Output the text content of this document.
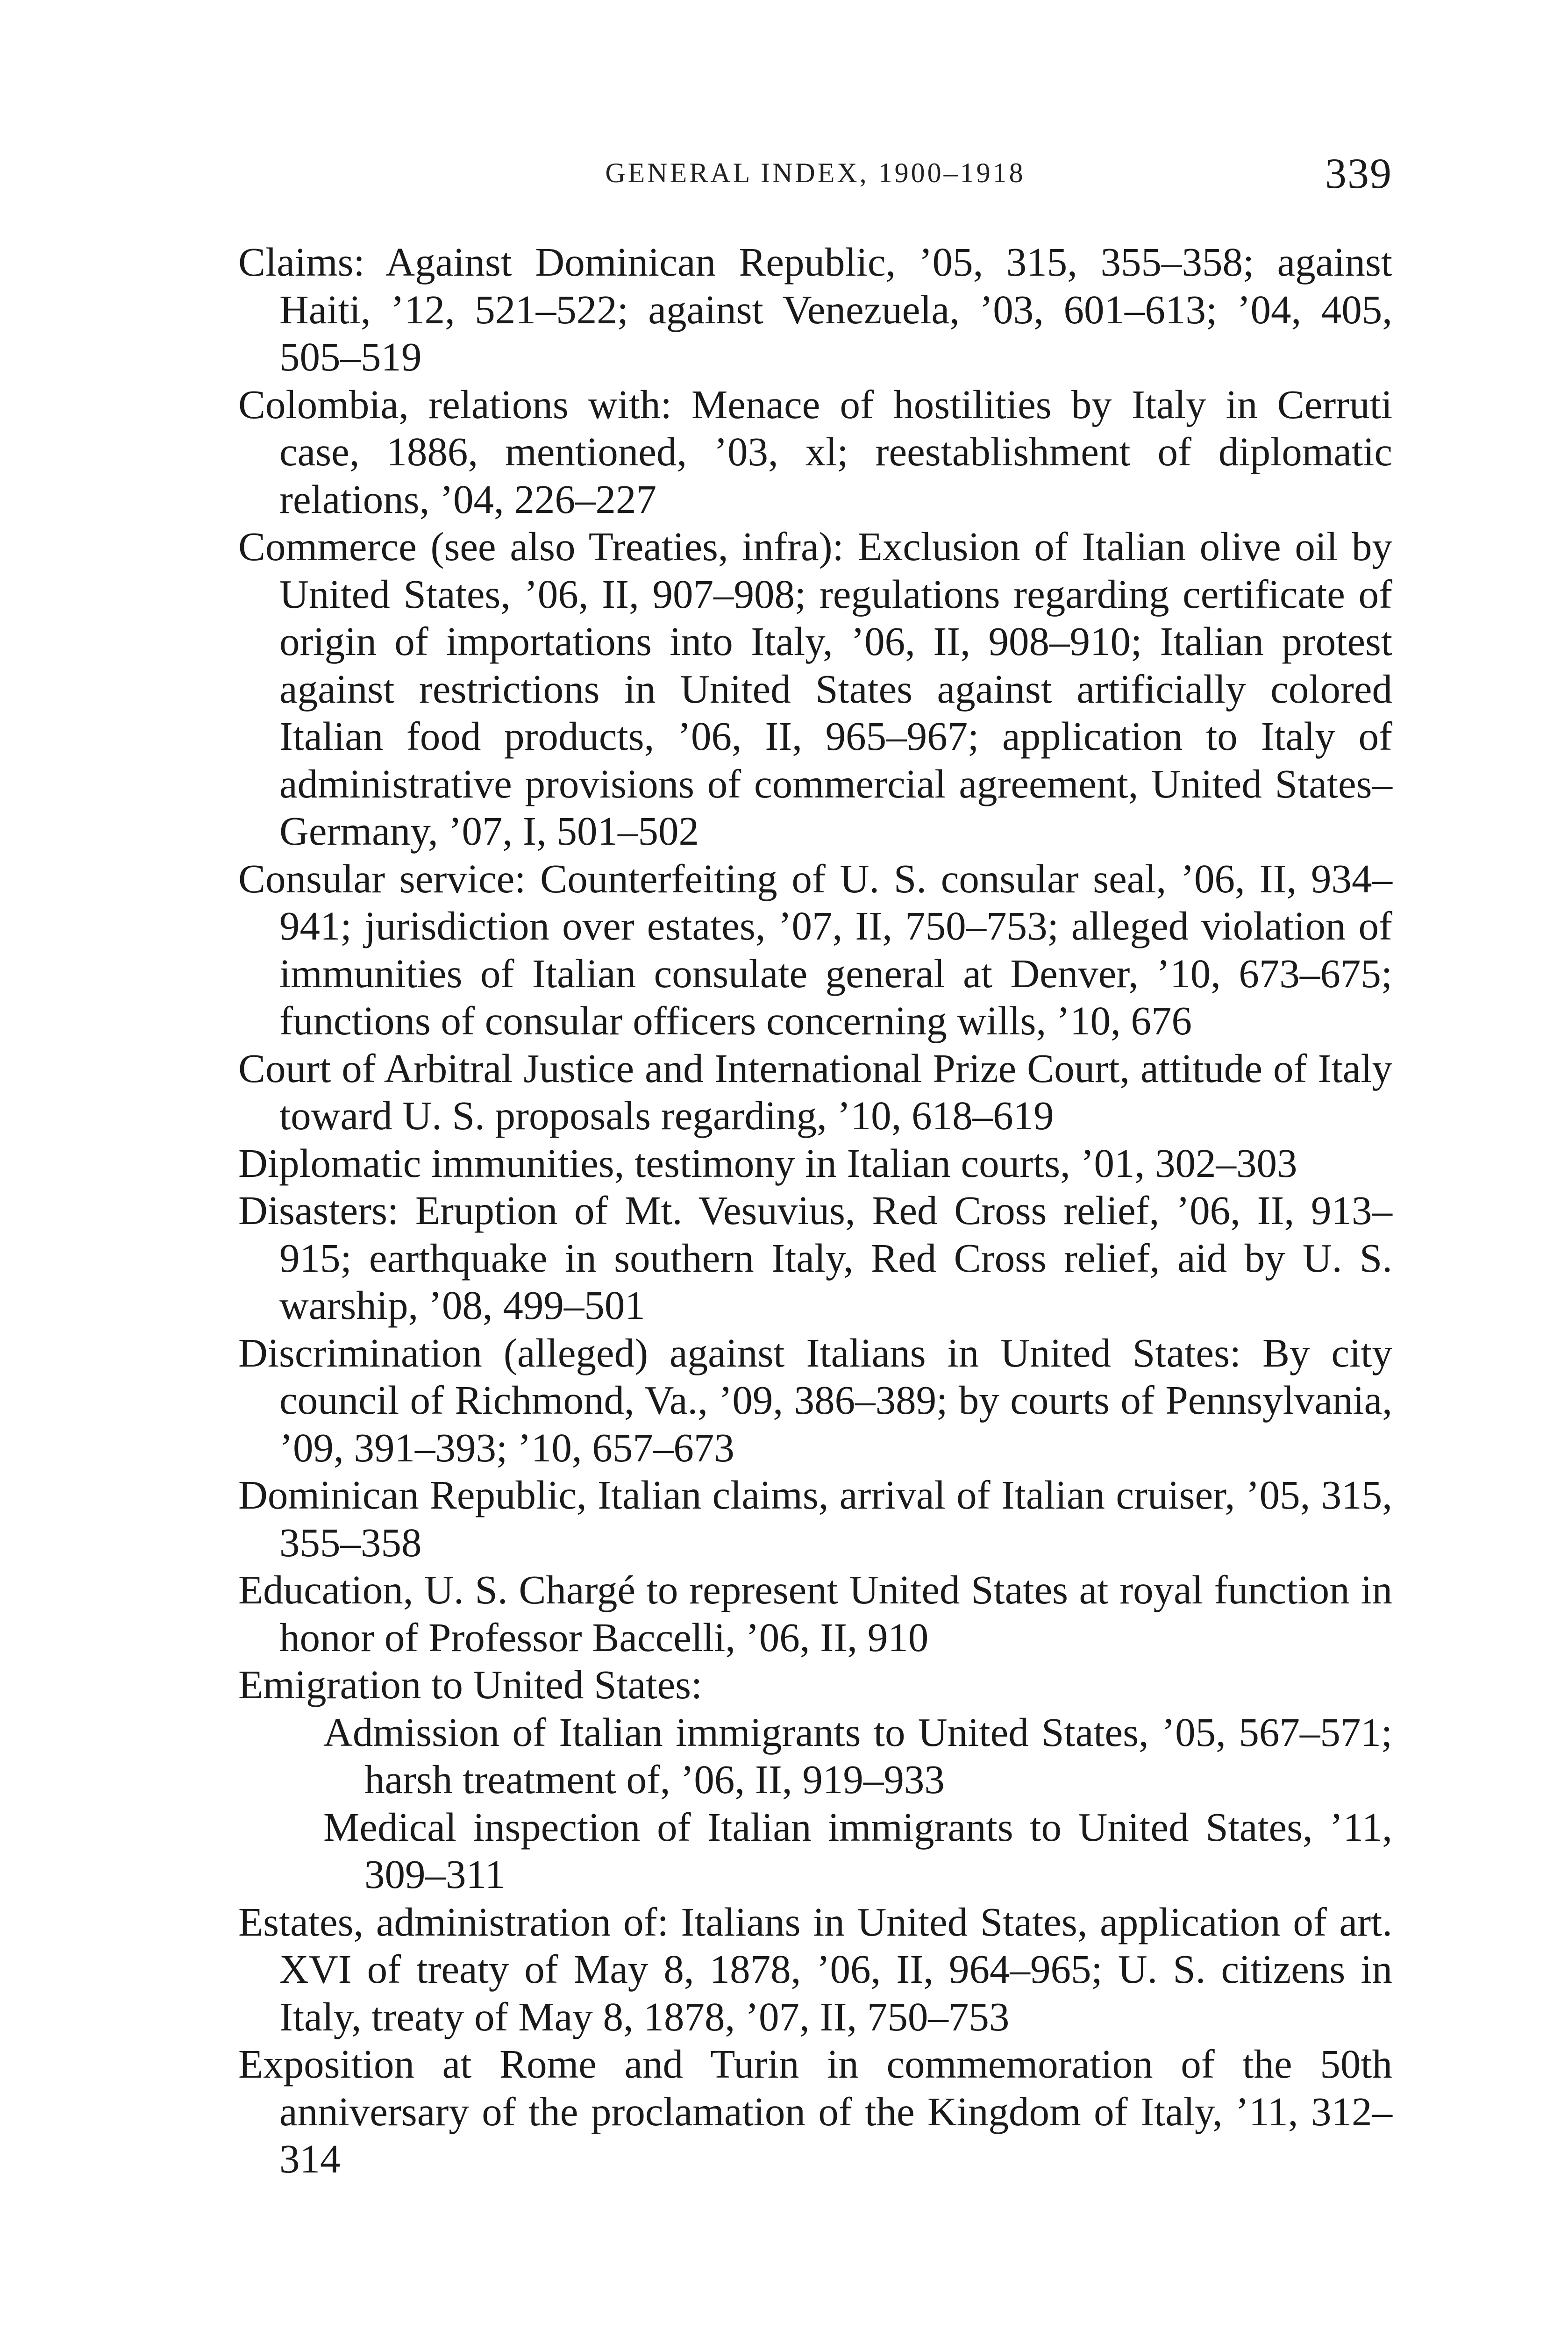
GENERAL INDEX, 1900–1918	339

Claims: Against Dominican Republic, ’05, 315, 355–358; against Haiti, ’12, 521–522; against Venezuela, ’03, 601–613; ’04, 405, 505–519

Colombia, relations with: Menace of hostilities by Italy in Cerruti case, 1886, mentioned, ’03, xl; reestablishment of diplomatic relations, ’04, 226–227

Commerce (see also Treaties, infra): Exclusion of Italian olive oil by United States, ’06, II, 907–908; regulations regarding certificate of origin of importations into Italy, ’06, II, 908–910; Italian protest against restrictions in United States against artificially colored Italian food products, ’06, II, 965–967; application to Italy of administrative provisions of commercial agreement, United States–Germany, ’07, I, 501–502

Consular service: Counterfeiting of U. S. consular seal, ’06, II, 934–941; jurisdiction over estates, ’07, II, 750–753; alleged violation of immunities of Italian consulate general at Denver, ’10, 673–675; functions of consular officers concerning wills, ’10, 676

Court of Arbitral Justice and International Prize Court, attitude of Italy toward U. S. proposals regarding, ’10, 618–619

Diplomatic immunities, testimony in Italian courts, ’01, 302–303

Disasters: Eruption of Mt. Vesuvius, Red Cross relief, ’06, II, 913–915; earthquake in southern Italy, Red Cross relief, aid by U. S. warship, ’08, 499–501

Discrimination (alleged) against Italians in United States: By city council of Richmond, Va., ’09, 386–389; by courts of Pennsylvania, ’09, 391–393; ’10, 657–673

Dominican Republic, Italian claims, arrival of Italian cruiser, ’05, 315, 355–358

Education, U. S. Chargé to represent United States at royal function in honor of Professor Baccelli, ’06, II, 910

Emigration to United States:

Admission of Italian immigrants to United States, ’05, 567–571; harsh treatment of, ’06, II, 919–933

Medical inspection of Italian immigrants to United States, ’11, 309–311

Estates, administration of: Italians in United States, application of art. XVI of treaty of May 8, 1878, ’06, II, 964–965; U. S. citizens in Italy, treaty of May 8, 1878, ’07, II, 750–753

Exposition at Rome and Turin in commemoration of the 50th anniversary of the proclamation of the Kingdom of Italy, ’11, 312–314
